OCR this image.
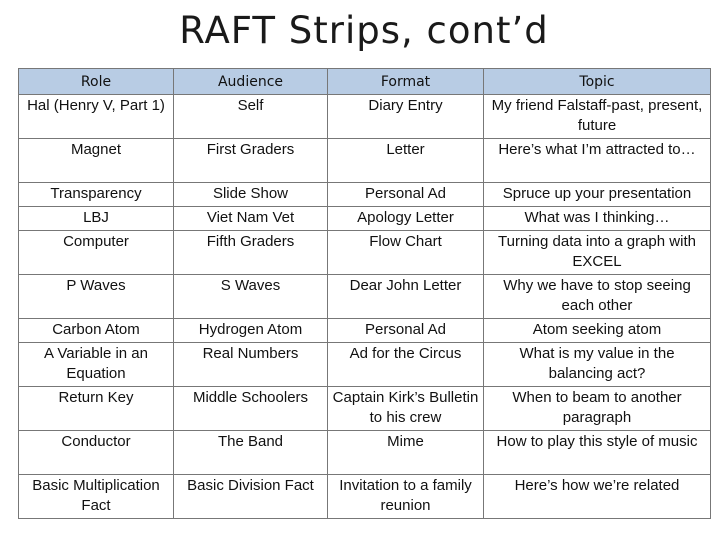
RAFT Strips, cont’d
Role	Audience	Format	Topic
Hal (Henry V, Part 1)	Self	Diary Entry	My friend Falstaff-past, present, future
Magnet	First Graders	Letter	Here’s what I’m attracted to…
Transparency	Slide Show	Personal Ad	Spruce up your presentation
LBJ	Viet Nam Vet	Apology Letter	What was I thinking…
Computer	Fifth Graders	Flow Chart	Turning data into a graph with EXCEL
P Waves	S Waves	Dear John Letter	Why we have to stop seeing each other
Carbon Atom	Hydrogen Atom	Personal Ad	Atom seeking atom
A Variable in an Equation	Real Numbers	Ad for the Circus	What is my value in the balancing act?
Return Key	Middle Schoolers	Captain Kirk’s Bulletin to his crew	When to beam to another paragraph
Conductor	The Band	Mime	How to play this style of music
Basic Multiplication Fact	Basic Division Fact	Invitation to a family reunion	Here’s how we’re related
